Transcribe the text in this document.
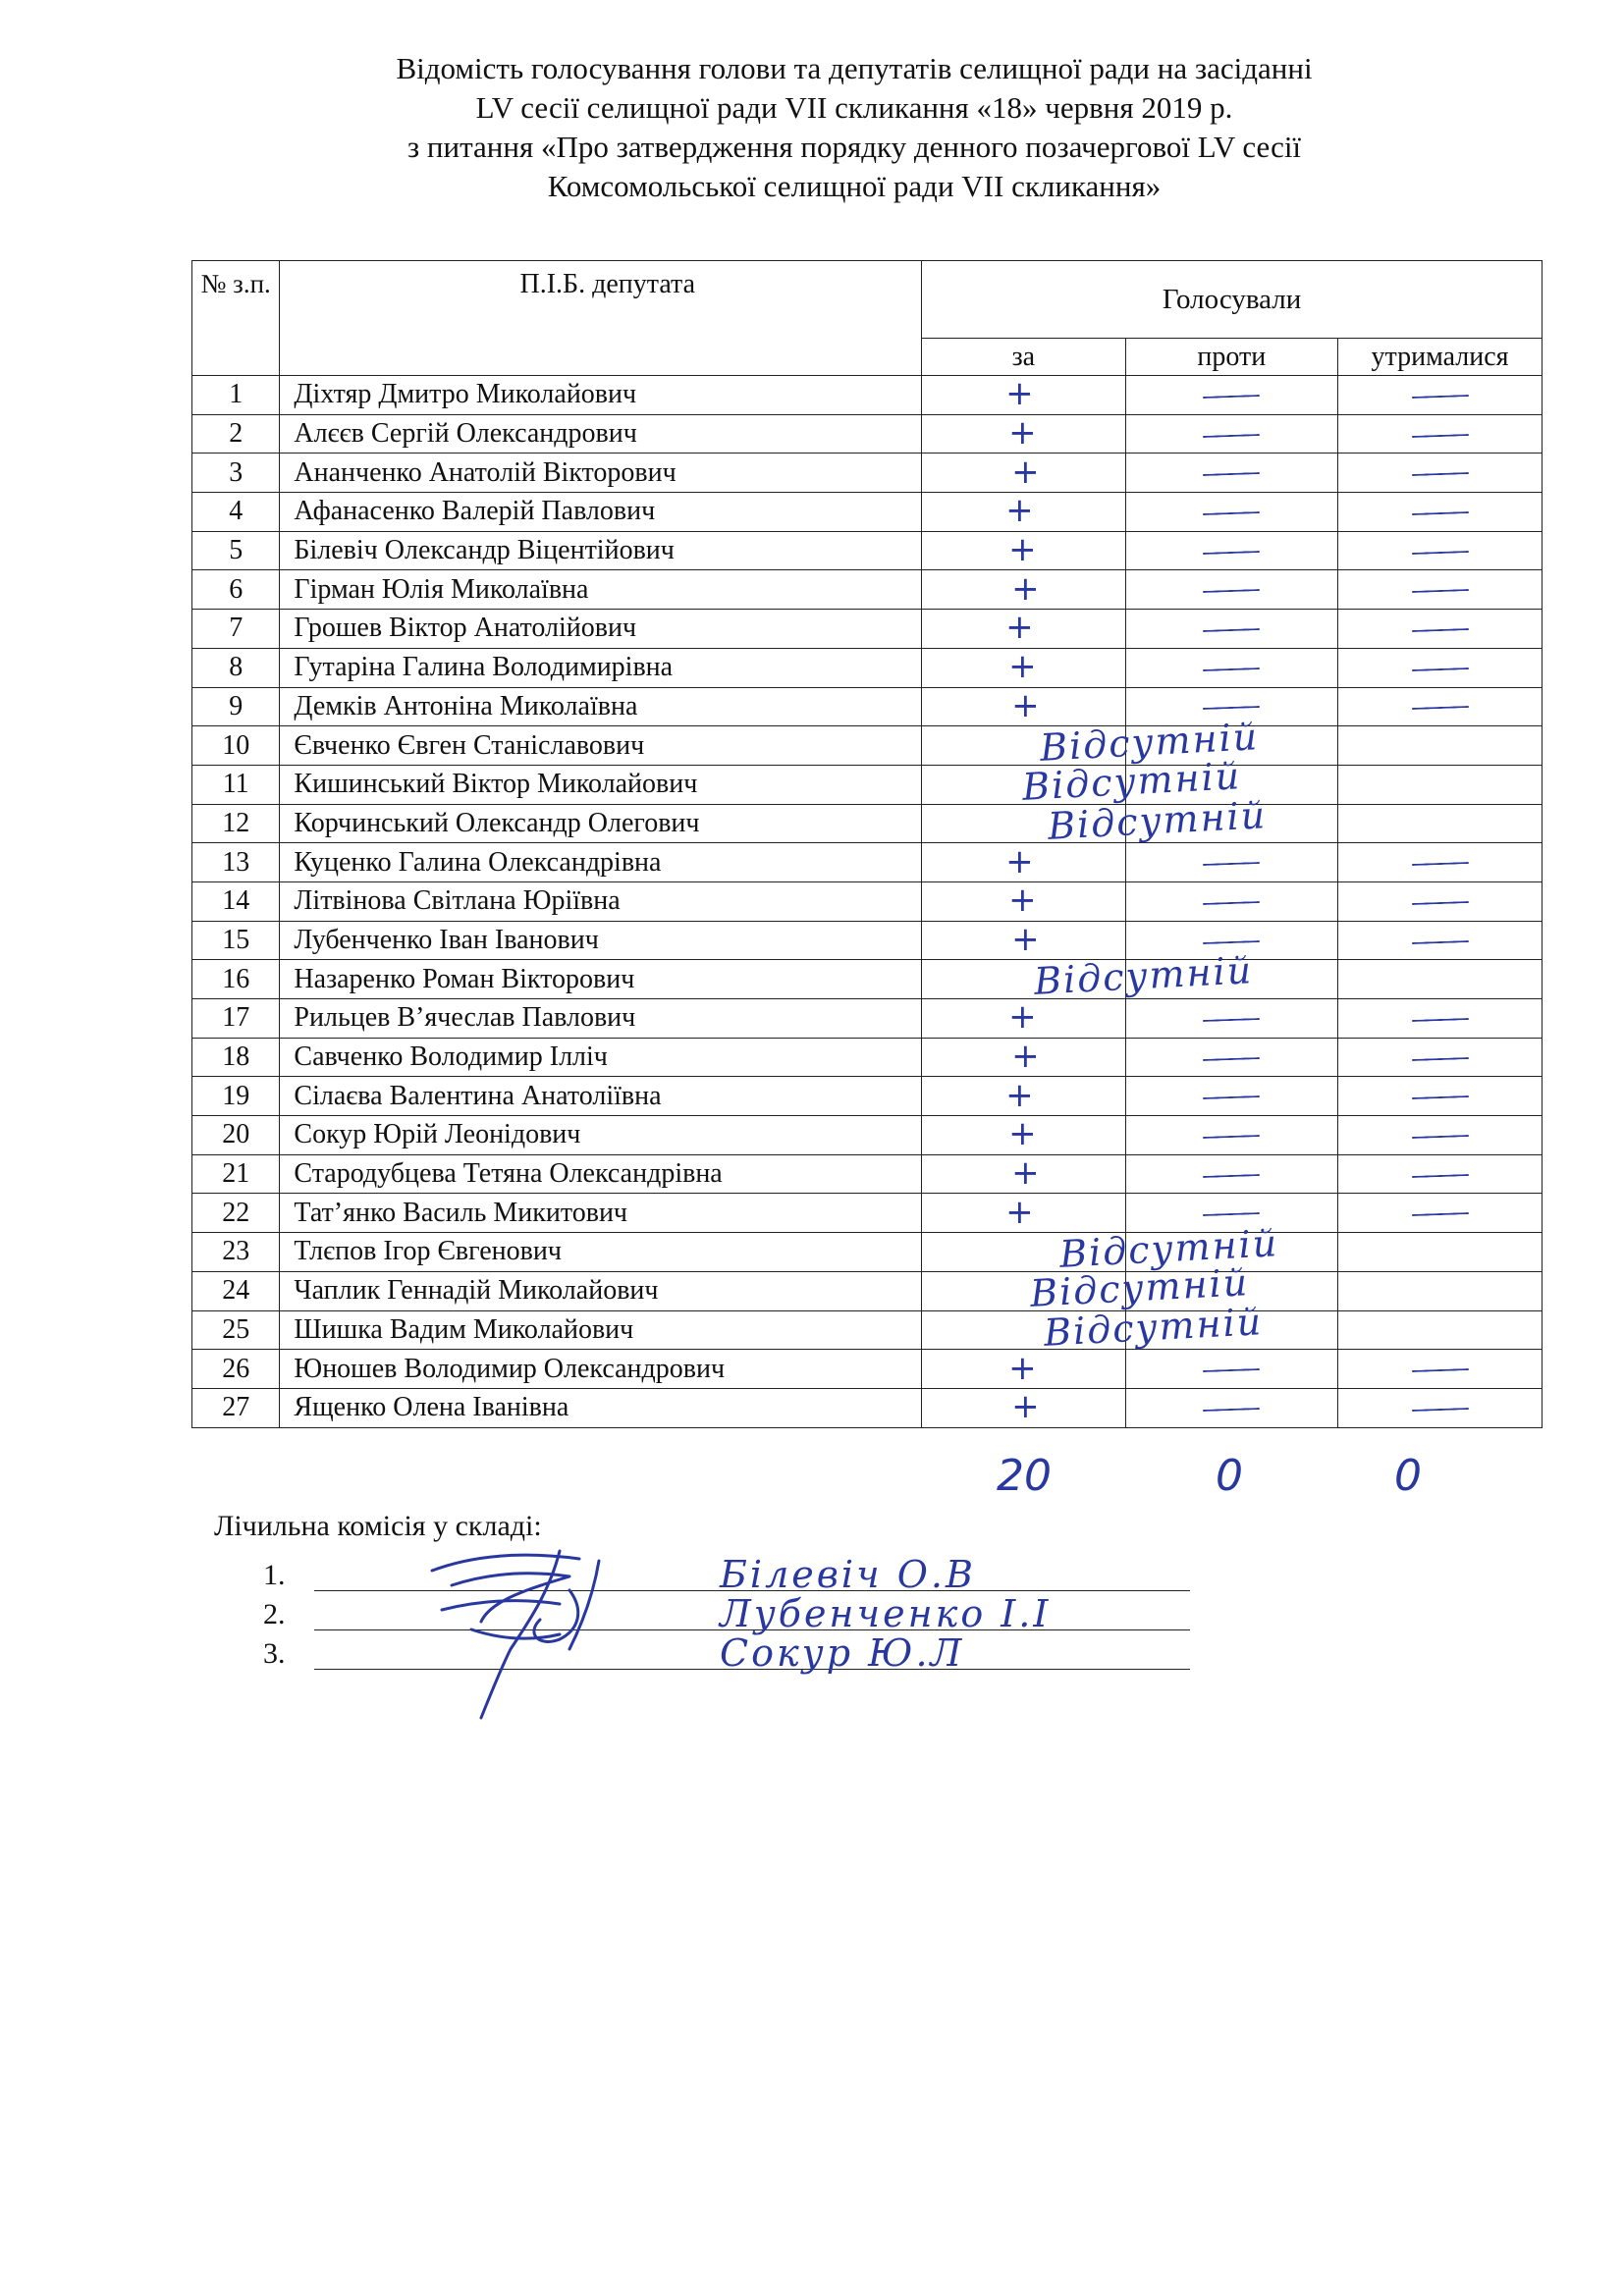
Відомість голосування голови та депутатів селищної ради на засіданні
LV сесії селищної ради VII скликання «18» червня 2019 р.
з питання «Про затвердження порядку денного позачергової LV сесії
Комсомольської селищної ради VII скликання»
№ з.п.	П.І.Б. депутата	Голосували		
		за	проти	утрималися
1	Діхтяр Дмитро Миколайович	+		
2	Алєєв Сергій Олександрович	+		
3	Ананченко Анатолій Вікторович	+		
4	Афанасенко Валерій Павлович	+		
5	Білевіч Олександр Віцентійович	+		
6	Гірман Юлія Миколаївна	+		
7	Грошев Віктор Анатолійович	+		
8	Гутаріна Галина Володимирівна	+		
9	Демків Антоніна Миколаївна	+		
10	Євченко Євген Станіславович	Відсутній		

11	Кишинський Віктор Миколайович	Відсутній		

12	Корчинський Олександр Олегович	Відсутній		

13	Куценко Галина Олександрівна	+		
14	Літвінова Світлана Юріївна	+		
15	Лубенченко Іван Іванович	+		
16	Назаренко Роман Вікторович	Відсутній		

17	Рильцев В’ячеслав Павлович	+		
18	Савченко Володимир Ілліч	+		
19	Сілаєва Валентина Анатоліївна	+		
20	Сокур Юрій Леонідович	+		
21	Стародубцева Тетяна Олександрівна	+		
22	Тат’янко Василь Микитович	+		
23	Тлєпов Ігор Євгенович	Відсутній		

24	Чаплик Геннадій Миколайович	Відсутній		

25	Шишка Вадим Миколайович	Відсутній		

26	Юношев Володимир Олександрович	+		
27	Ященко Олена Іванівна	+		
20	0	0
Лічильна комісія у складі:
1.	Білевіч О.В
2.	Лубенченко І.І
3.	Сокур Ю.Л
